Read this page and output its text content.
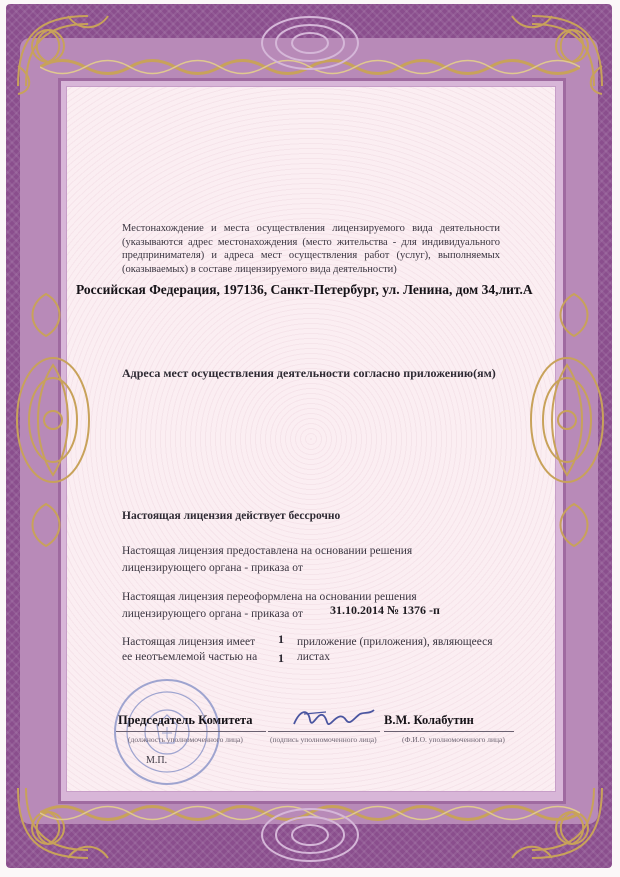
Местонахождение и места осуществления лицензируемого вида деятельности (указываются адрес местонахождения (место жительства - для индивидуального предпринимателя) и адреса мест осуществления работ (услуг), выполняемых (оказываемых) в составе лицензируемого вида деятельности)
Российская Федерация, 197136, Санкт-Петербург, ул. Ленина, дом 34,лит.А
Адреса мест осуществления деятельности согласно приложению(ям)
Настоящая лицензия действует бессрочно
Настоящая лицензия предоставлена на основании решения
лицензирующего органа - приказа от
Настоящая лицензия переоформлена на основании решения
лицензирующего органа - приказа от	31.10.2014 № 1376 -п
Настоящая лицензия имеет
ее неотъемлемой частью на
1
1
приложение (приложения), являющееся
листах
Председатель Комитета	В.М. Колабутин
(должность уполномоченного лица)	(подпись уполномоченного лица)	(Ф.И.О. уполномоченного лица)
М.П.
